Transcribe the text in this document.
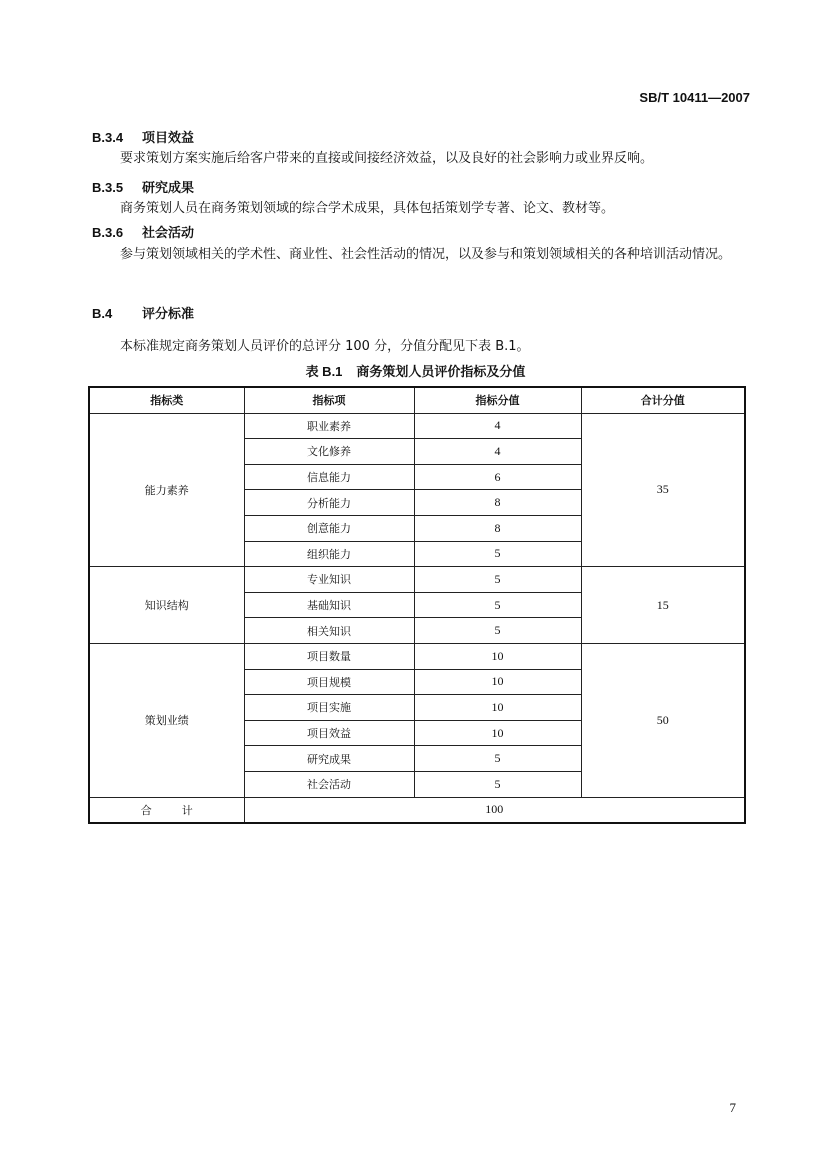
SB/T 10411—2007
B.3.4 项目效益
要求策划方案实施后给客户带来的直接或间接经济效益，以及良好的社会影响力或业界反响。
B.3.5 研究成果
商务策划人员在商务策划领域的综合学术成果，具体包括策划学专著、论文、教材等。
B.3.6 社会活动
参与策划领域相关的学术性、商业性、社会性活动的情况，以及参与和策划领域相关的各种培训活动情况。
B.4 评分标准
本标准规定商务策划人员评价的总评分 100 分，分值分配见下表 B.1。
表 B.1 商务策划人员评价指标及分值
指标类	指标项	指标分值	合计分值
能力素养	职业素养	4	35
	文化修养	4	
	信息能力	6	
	分析能力	8	
	创意能力	8	
	组织能力	5	
知识结构	专业知识	5	15
	基础知识	5	
	相关知识	5	
策划业绩	项目数量	10	50
	项目规模	10	
	项目实施	10	
	项目效益	10	
	研究成果	5	
	社会活动	5	
合计	100		
7
